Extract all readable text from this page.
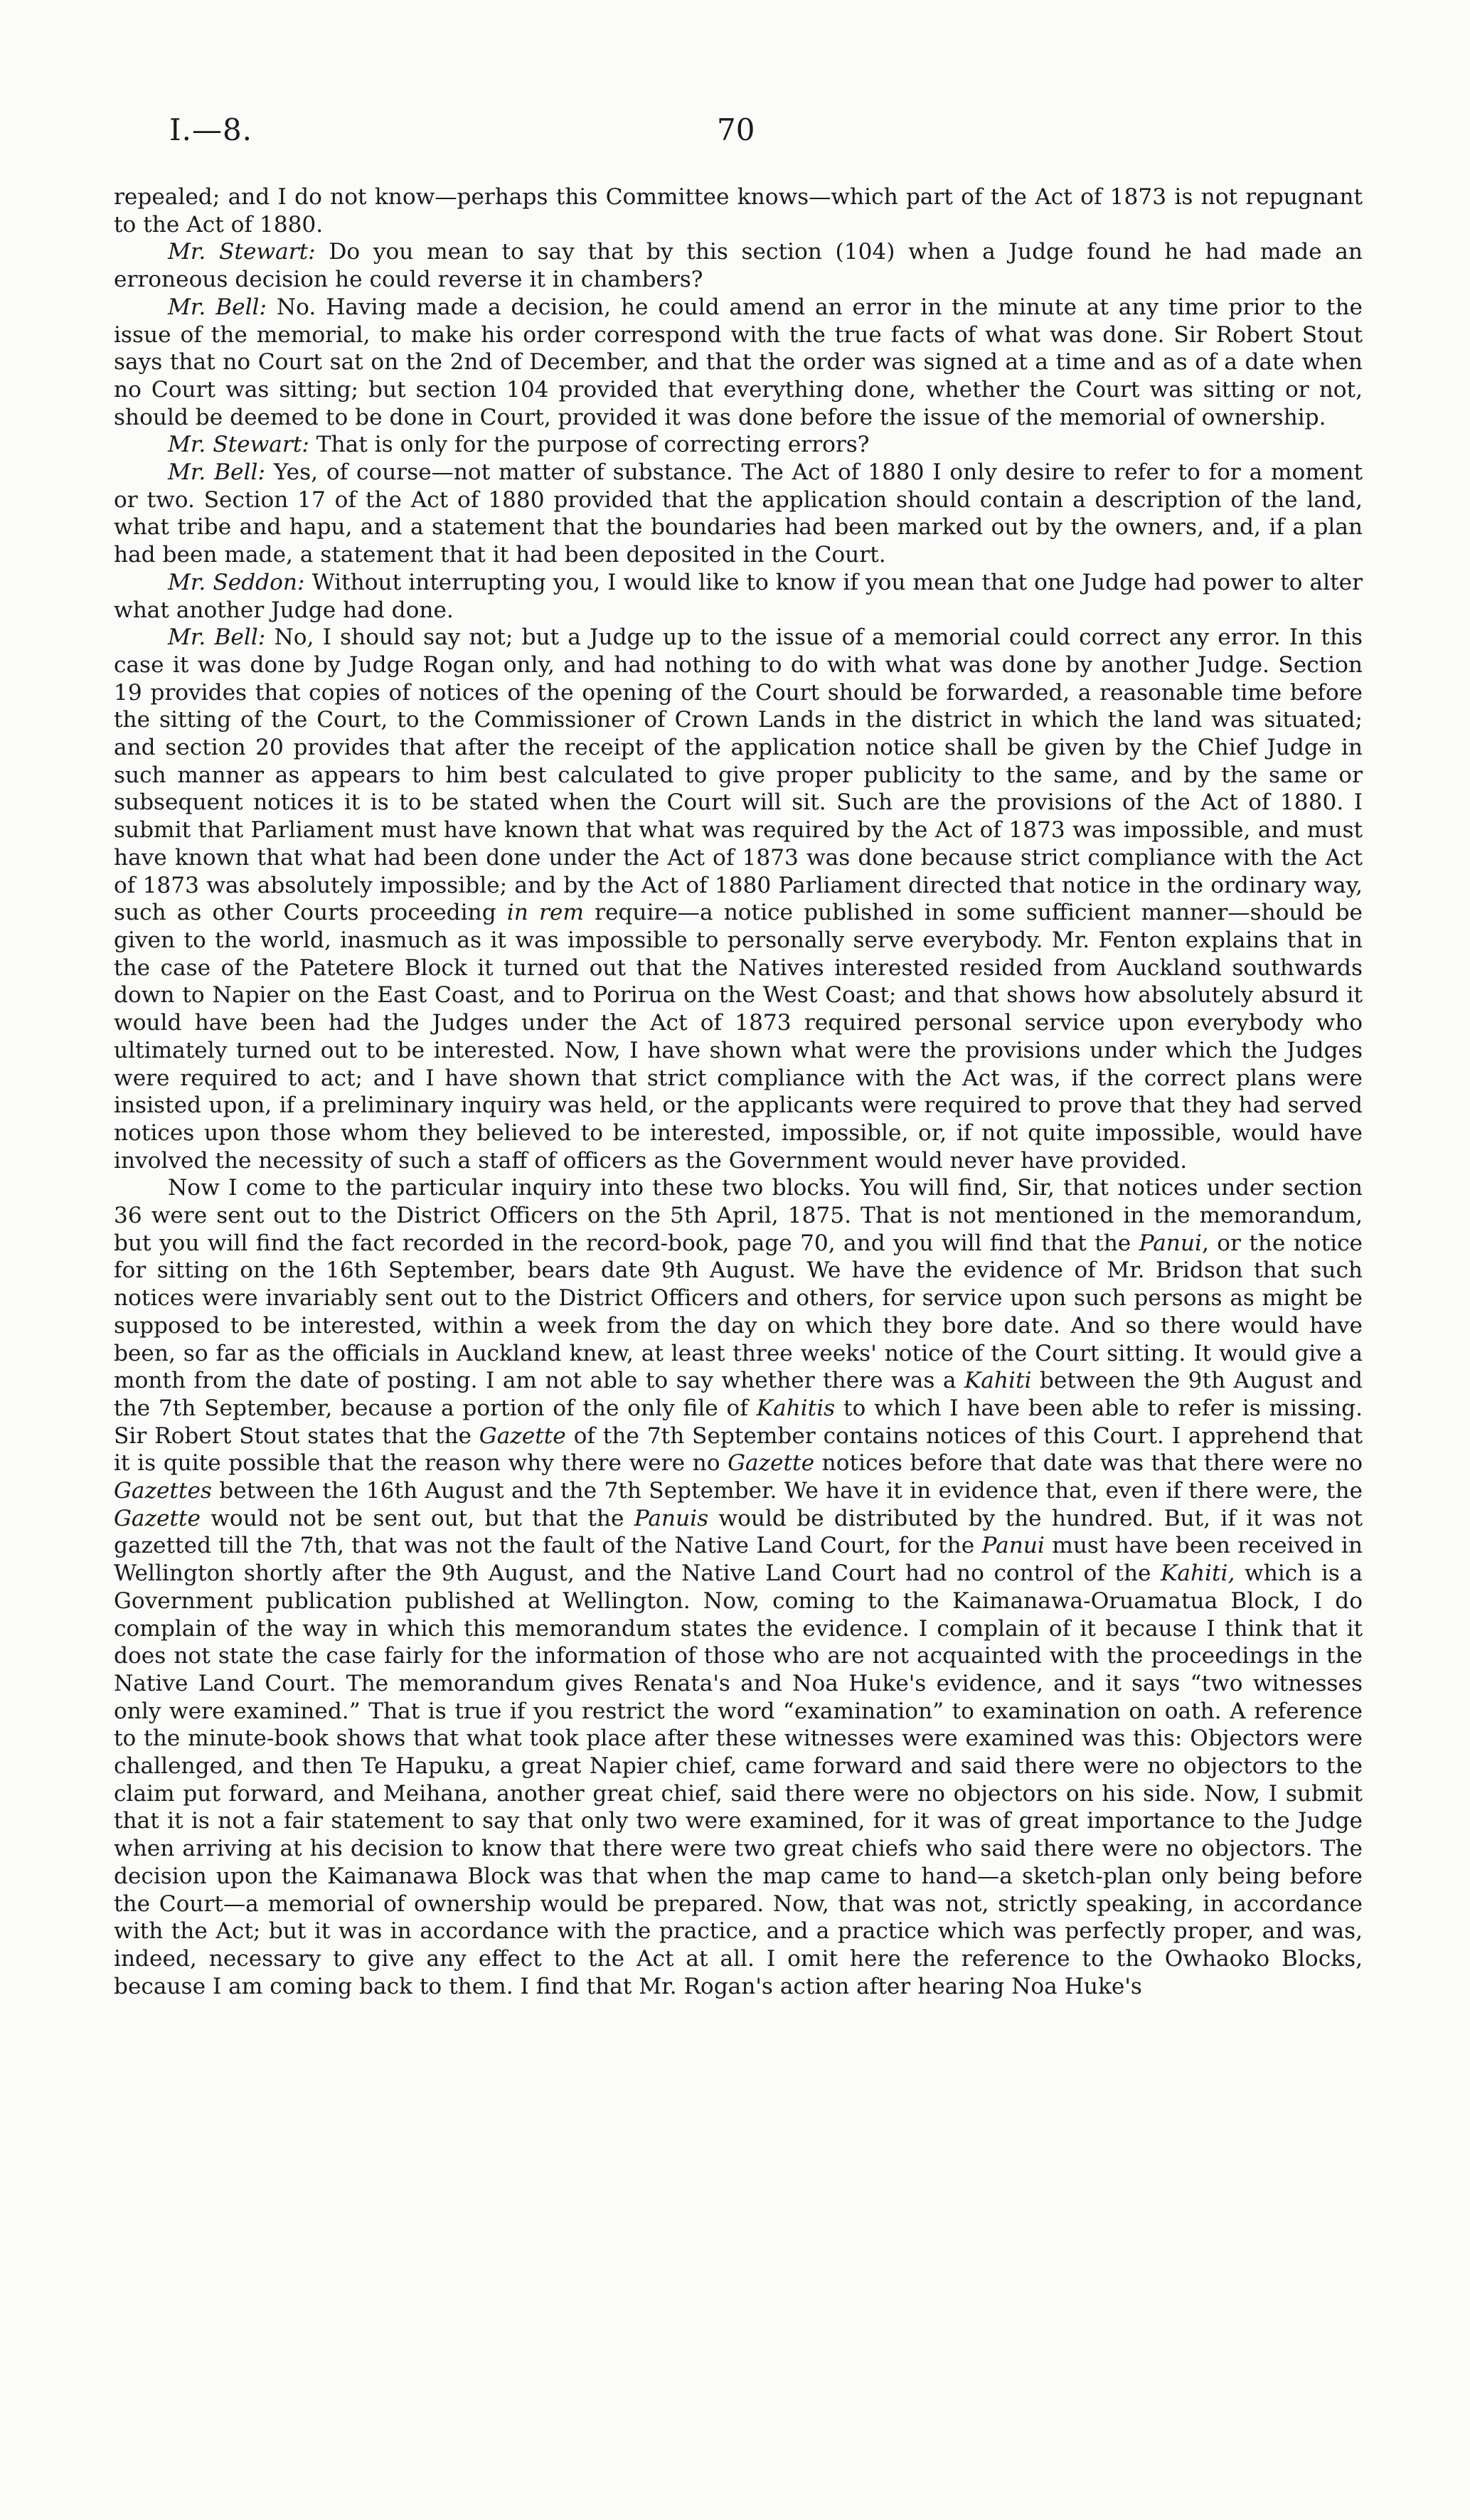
I.—8.	70

repealed; and I do not know—perhaps this Committee knows—which part of the Act of 1873 is not repugnant to the Act of 1880.

Mr. Stewart: Do you mean to say that by this section (104) when a Judge found he had made an erroneous decision he could reverse it in chambers?

Mr. Bell: No. Having made a decision, he could amend an error in the minute at any time prior to the issue of the memorial, to make his order correspond with the true facts of what was done. Sir Robert Stout says that no Court sat on the 2nd of December, and that the order was signed at a time and as of a date when no Court was sitting; but section 104 provided that everything done, whether the Court was sitting or not, should be deemed to be done in Court, provided it was done before the issue of the memorial of ownership.

Mr. Stewart: That is only for the purpose of correcting errors?

Mr. Bell: Yes, of course—not matter of substance. The Act of 1880 I only desire to refer to for a moment or two. Section 17 of the Act of 1880 provided that the application should contain a description of the land, what tribe and hapu, and a statement that the boundaries had been marked out by the owners, and, if a plan had been made, a statement that it had been deposited in the Court.

Mr. Seddon: Without interrupting you, I would like to know if you mean that one Judge had power to alter what another Judge had done.

Mr. Bell: No, I should say not; but a Judge up to the issue of a memorial could correct any error. In this case it was done by Judge Rogan only, and had nothing to do with what was done by another Judge. Section 19 provides that copies of notices of the opening of the Court should be forwarded, a reasonable time before the sitting of the Court, to the Commissioner of Crown Lands in the district in which the land was situated; and section 20 provides that after the receipt of the application notice shall be given by the Chief Judge in such manner as appears to him best calculated to give proper publicity to the same, and by the same or subsequent notices it is to be stated when the Court will sit. Such are the provisions of the Act of 1880. I submit that Parliament must have known that what was required by the Act of 1873 was impossible, and must have known that what had been done under the Act of 1873 was done because strict compliance with the Act of 1873 was absolutely impossible; and by the Act of 1880 Parliament directed that notice in the ordinary way, such as other Courts proceeding in rem require—a notice published in some sufficient manner—should be given to the world, inasmuch as it was impossible to personally serve everybody. Mr. Fenton explains that in the case of the Patetere Block it turned out that the Natives interested resided from Auckland southwards down to Napier on the East Coast, and to Porirua on the West Coast; and that shows how absolutely absurd it would have been had the Judges under the Act of 1873 required personal service upon everybody who ultimately turned out to be interested. Now, I have shown what were the provisions under which the Judges were required to act; and I have shown that strict compliance with the Act was, if the correct plans were insisted upon, if a preliminary inquiry was held, or the applicants were required to prove that they had served notices upon those whom they believed to be interested, impossible, or, if not quite impossible, would have involved the necessity of such a staff of officers as the Government would never have provided.

Now I come to the particular inquiry into these two blocks. You will find, Sir, that notices under section 36 were sent out to the District Officers on the 5th April, 1875. That is not mentioned in the memorandum, but you will find the fact recorded in the record-book, page 70, and you will find that the Panui, or the notice for sitting on the 16th September, bears date 9th August. We have the evidence of Mr. Bridson that such notices were invariably sent out to the District Officers and others, for service upon such persons as might be supposed to be interested, within a week from the day on which they bore date. And so there would have been, so far as the officials in Auckland knew, at least three weeks' notice of the Court sitting. It would give a month from the date of posting. I am not able to say whether there was a Kahiti between the 9th August and the 7th September, because a portion of the only file of Kahitis to which I have been able to refer is missing. Sir Robert Stout states that the Gazette of the 7th September contains notices of this Court. I apprehend that it is quite possible that the reason why there were no Gazette notices before that date was that there were no Gazettes between the 16th August and the 7th September. We have it in evidence that, even if there were, the Gazette would not be sent out, but that the Panuis would be distributed by the hundred. But, if it was not gazetted till the 7th, that was not the fault of the Native Land Court, for the Panui must have been received in Wellington shortly after the 9th August, and the Native Land Court had no control of the Kahiti, which is a Government publication published at Wellington. Now, coming to the Kaimanawa-Oruamatua Block, I do complain of the way in which this memorandum states the evidence. I complain of it because I think that it does not state the case fairly for the information of those who are not acquainted with the proceedings in the Native Land Court. The memorandum gives Renata's and Noa Huke's evidence, and it says “two witnesses only were examined.” That is true if you restrict the word “examination” to examination on oath. A reference to the minute-book shows that what took place after these witnesses were examined was this: Objectors were challenged, and then Te Hapuku, a great Napier chief, came forward and said there were no objectors to the claim put forward, and Meihana, another great chief, said there were no objectors on his side. Now, I submit that it is not a fair statement to say that only two were examined, for it was of great importance to the Judge when arriving at his decision to know that there were two great chiefs who said there were no objectors. The decision upon the Kaimanawa Block was that when the map came to hand—a sketch-plan only being before the Court—a memorial of ownership would be prepared. Now, that was not, strictly speaking, in accordance with the Act; but it was in accordance with the practice, and a practice which was perfectly proper, and was, indeed, necessary to give any effect to the Act at all. I omit here the reference to the Owhaoko Blocks, because I am coming back to them. I find that Mr. Rogan's action after hearing Noa Huke's
